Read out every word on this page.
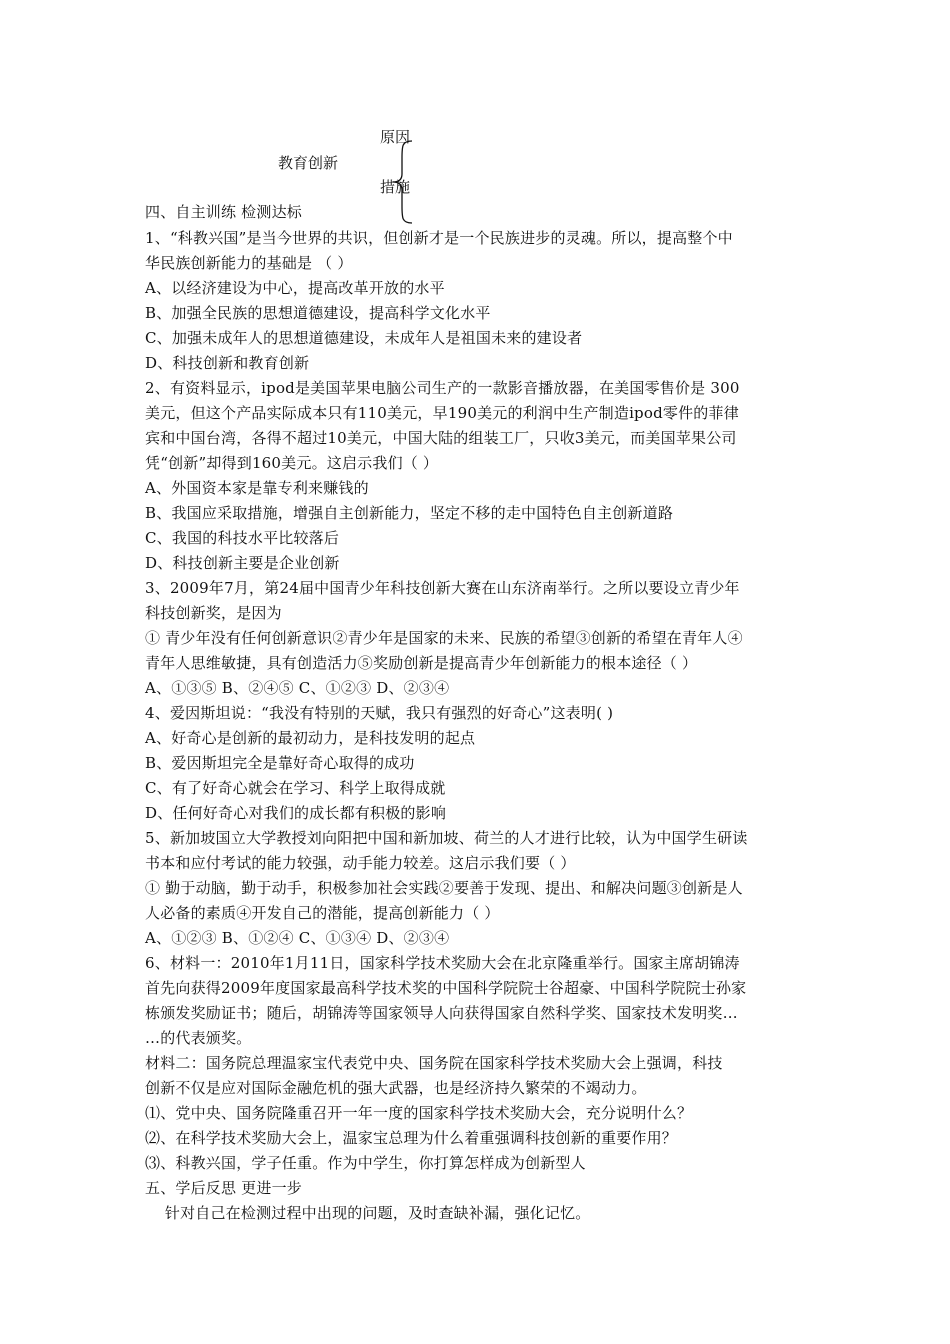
教育创新
原因
措施
四、自主训练 检测达标
1、“科教兴国”是当今世界的共识，但创新才是一个民族进步的灵魂。所以，提高整个中
华民族创新能力的基础是 （ ）
A、以经济建设为中心，提高改革开放的水平
B、加强全民族的思想道德建设，提高科学文化水平
C、加强未成年人的思想道德建设，未成年人是祖国未来的建设者
D、科技创新和教育创新
2、有资料显示，ipod是美国苹果电脑公司生产的一款影音播放器，在美国零售价是 300
美元，但这个产品实际成本只有110美元，早190美元的利润中生产制造ipod零件的菲律
宾和中国台湾，各得不超过10美元，中国大陆的组装工厂，只收3美元，而美国苹果公司
凭“创新”却得到160美元。这启示我们（ ）
A、外国资本家是靠专利来赚钱的
B、我国应采取措施，增强自主创新能力，坚定不移的走中国特色自主创新道路
C、我国的科技水平比较落后
D、科技创新主要是企业创新
3、2009年7月，第24届中国青少年科技创新大赛在山东济南举行。之所以要设立青少年
科技创新奖，是因为
① 青少年没有任何创新意识②青少年是国家的未来、民族的希望③创新的希望在青年人④
青年人思维敏捷，具有创造活力⑤奖励创新是提高青少年创新能力的根本途径（ ）
A、①③⑤ B、②④⑤ C、①②③ D、②③④
4、爱因斯坦说：“我没有特别的天赋，我只有强烈的好奇心”这表明( )
A、好奇心是创新的最初动力，是科技发明的起点
B、爱因斯坦完全是靠好奇心取得的成功
C、有了好奇心就会在学习、科学上取得成就
D、任何好奇心对我们的成长都有积极的影响
5、新加坡国立大学教授刘向阳把中国和新加坡、荷兰的人才进行比较，认为中国学生研读
书本和应付考试的能力较强，动手能力较差。这启示我们要（ ）
① 勤于动脑，勤于动手，积极参加社会实践②要善于发现、提出、和解决问题③创新是人
人必备的素质④开发自己的潜能，提高创新能力（ ）
A、①②③ B、①②④ C、①③④ D、②③④
6、材料一：2010年1月11日，国家科学技术奖励大会在北京隆重举行。国家主席胡锦涛
首先向获得2009年度国家最高科学技术奖的中国科学院院士谷超豪、中国科学院院士孙家
栋颁发奖励证书；随后，胡锦涛等国家领导人向获得国家自然科学奖、国家技术发明奖…
…的代表颁奖。
材料二：国务院总理温家宝代表党中央、国务院在国家科学技术奖励大会上强调，科技
创新不仅是应对国际金融危机的强大武器，也是经济持久繁荣的不竭动力。
⑴、党中央、国务院隆重召开一年一度的国家科学技术奖励大会，充分说明什么？
⑵、在科学技术奖励大会上，温家宝总理为什么着重强调科技创新的重要作用？
⑶、科教兴国，学子任重。作为中学生，你打算怎样成为创新型人
五、学后反思 更进一步
针对自己在检测过程中出现的问题，及时查缺补漏，强化记忆。
